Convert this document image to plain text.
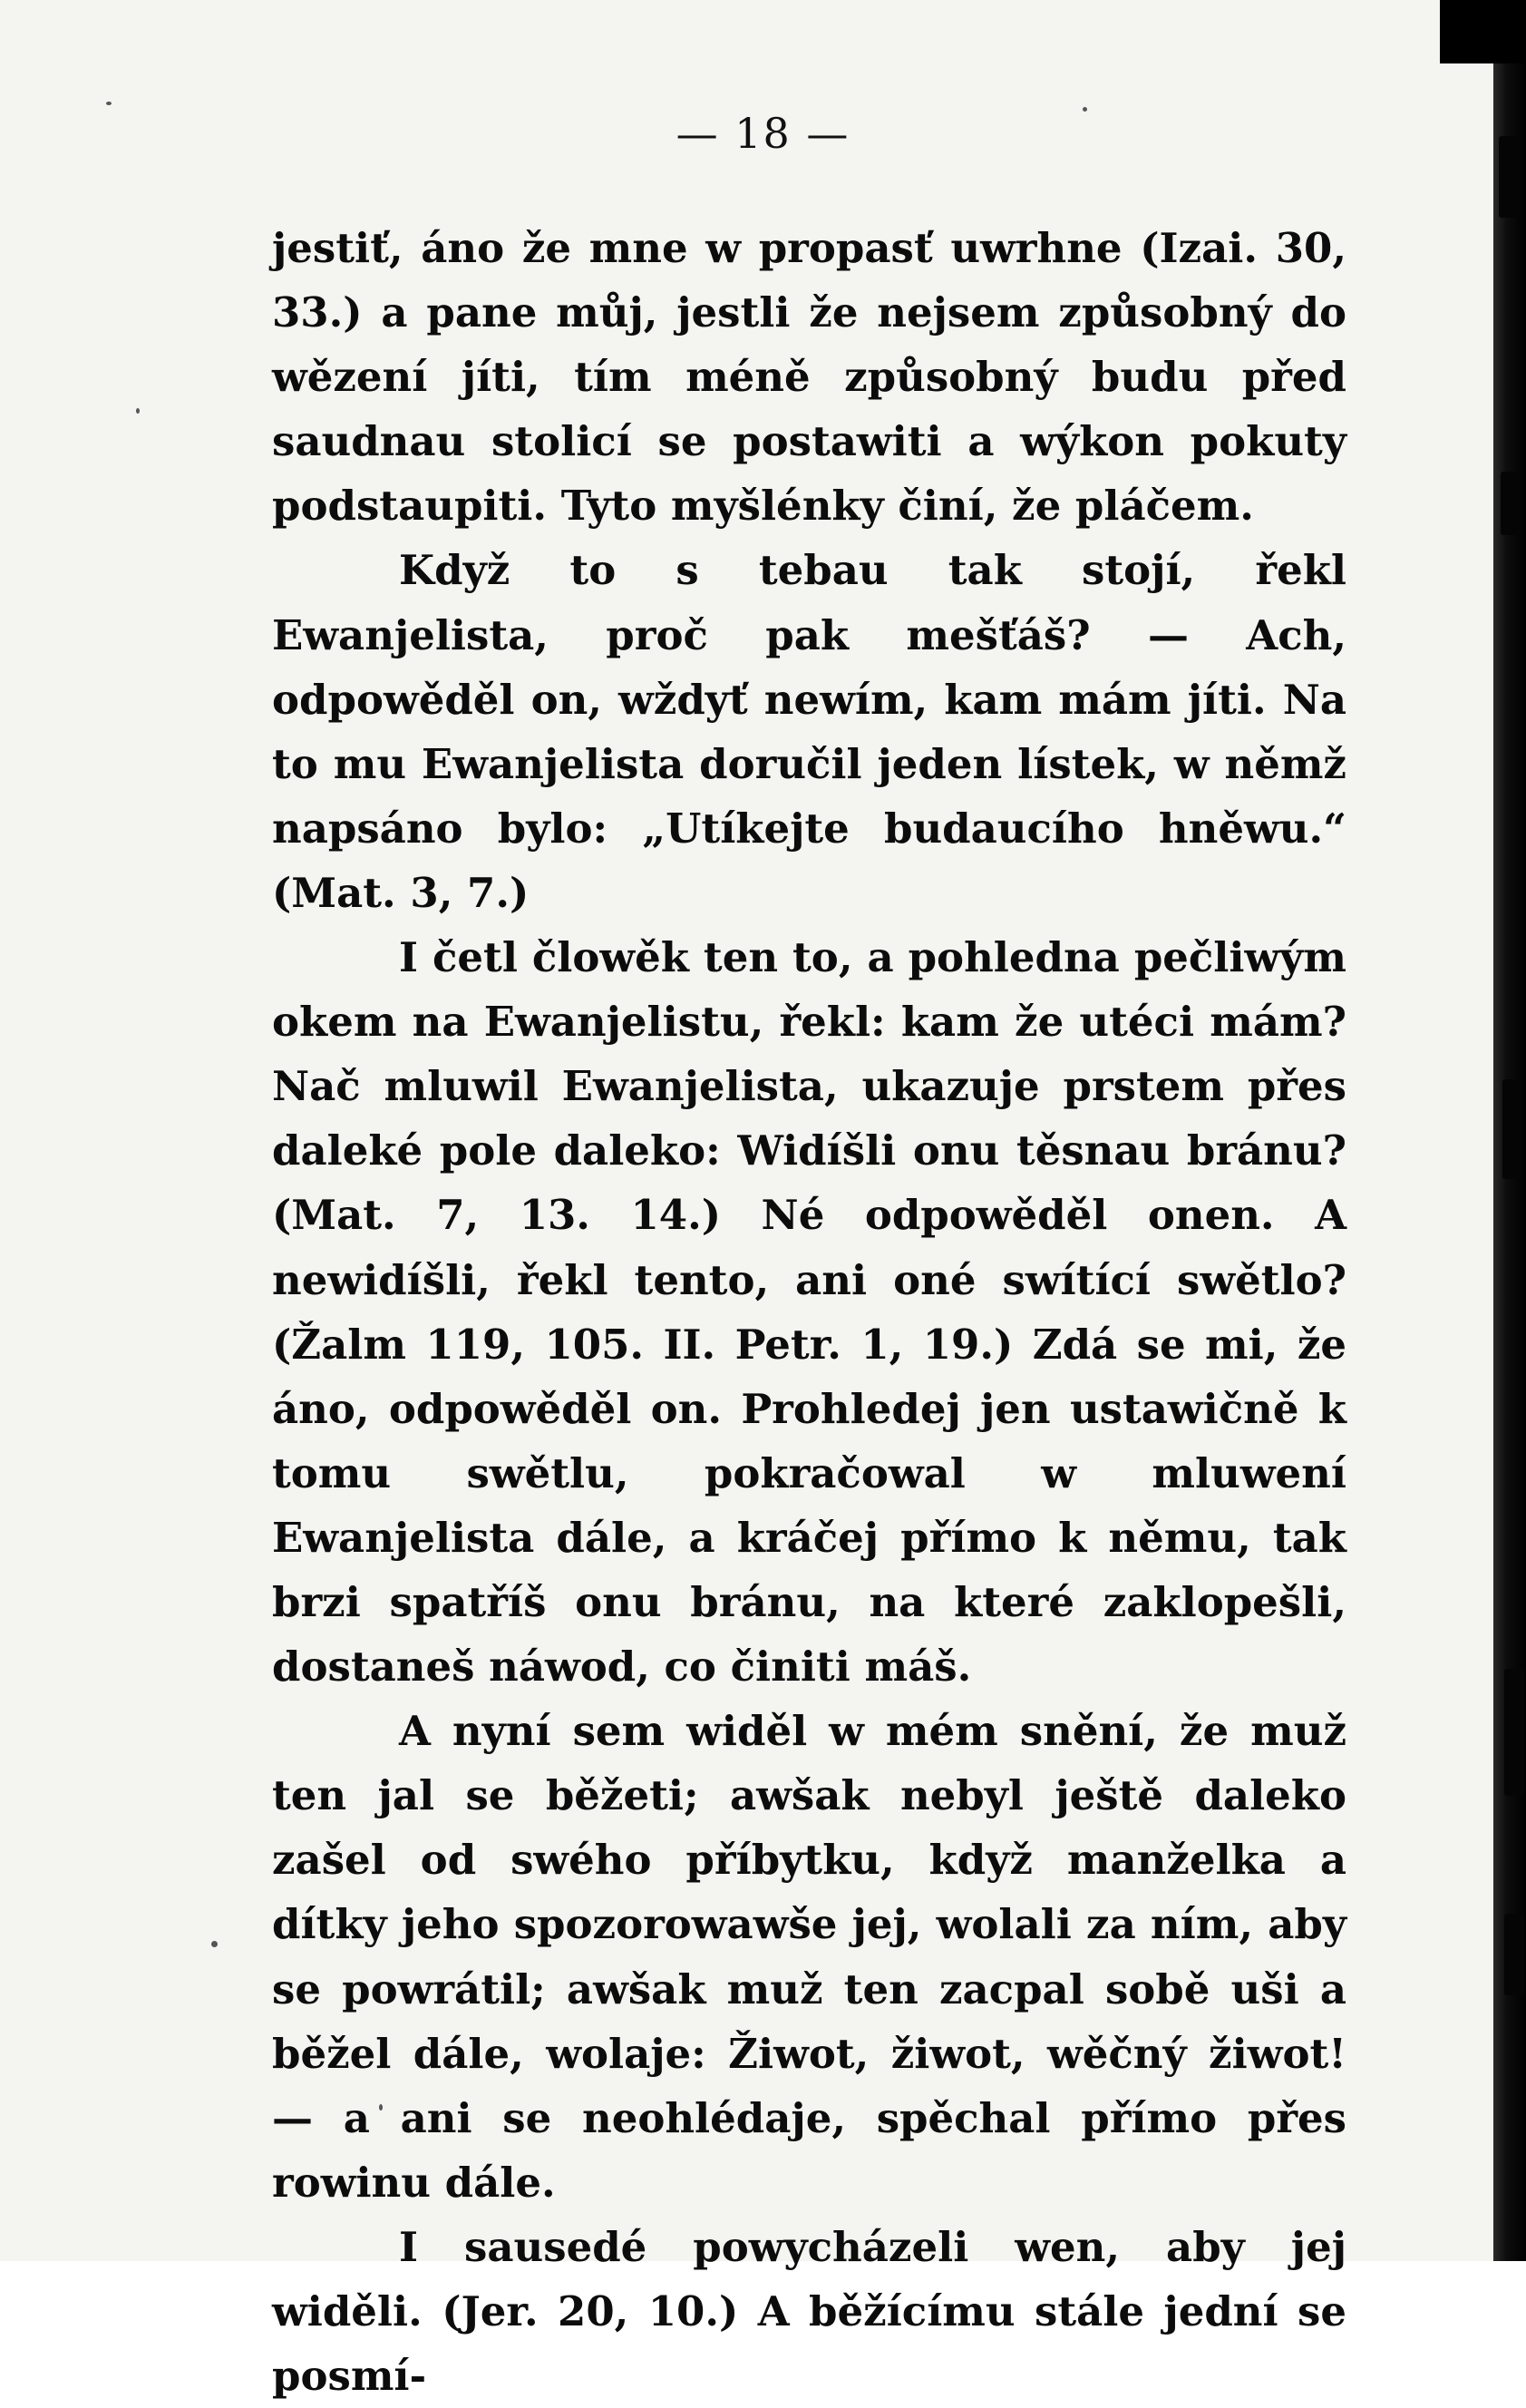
— 18 —

jestiť, áno že mne w propasť uwrhne (Izai. 30, 33.) a pane můj, jestli že nejsem způsobný do wězení jíti, tím méně způsobný budu před saudnau stolicí se postawiti a wýkon pokuty podstaupiti. Tyto myšlénky činí, že pláčem.

Když to s tebau tak stojí, řekl Ewanjelista, proč pak mešťáš? — Ach, odpowěděl on, wždyť newím, kam mám jíti. Na to mu Ewanjelista doručil jeden lístek, w němž napsáno bylo: „Utíkejte budaucího hněwu.“ (Mat. 3, 7.)

I četl člowěk ten to, a pohledna pečliwým okem na Ewanjelistu, řekl: kam že utéci mám? Nač mluwil Ewanjelista, ukazuje prstem přes daleké pole daleko: Widíšli onu těsnau bránu? (Mat. 7, 13. 14.) Né odpowěděl onen. A newidíšli, řekl tento, ani oné swítící swětlo? (Žalm 119, 105. II. Petr. 1, 19.) Zdá se mi, že áno, odpowěděl on. Prohledej jen ustawičně k tomu swětlu, pokračowal w mluwení Ewanjelista dále, a kráčej přímo k němu, tak brzi spatříš onu bránu, na které zaklopešli, dostaneš náwod, co činiti máš.

A nyní sem widěl w mém snění, že muž ten jal se běžeti; awšak nebyl ještě daleko zašel od swého příbytku, když manželka a dítky jeho spozorowawše jej, wolali za ním, aby se powrátil; awšak muž ten zacpal sobě uši a běžel dále, wolaje: Žiwot, žiwot, wěčný žiwot! — a ani se neohlédaje, spěchal přímo přes rowinu dále.

I sausedé powycházeli wen, aby jej widěli. (Jer. 20, 10.) A běžícímu stále jední se posmí-
